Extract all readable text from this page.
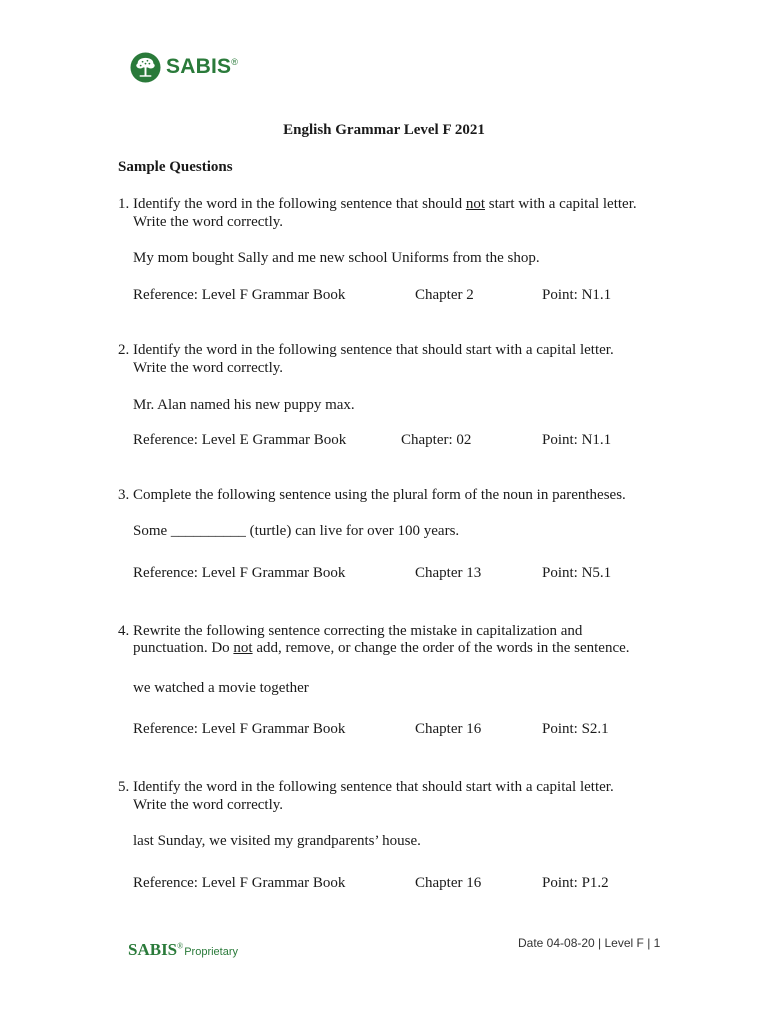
SABIS®
English Grammar Level F 2021
Sample Questions
1. Identify the word in the following sentence that should not start with a capital letter.
Write the word correctly.
My mom bought Sally and me new school Uniforms from the shop.
Reference: Level F Grammar Book	Chapter 2	Point: N1.1
2. Identify the word in the following sentence that should start with a capital letter.
Write the word correctly.
Mr. Alan named his new puppy max.
Reference: Level E Grammar Book	Chapter: 02	Point: N1.1
3. Complete the following sentence using the plural form of the noun in parentheses.
Some __________ (turtle) can live for over 100 years.
Reference: Level F Grammar Book	Chapter 13	Point: N5.1
4. Rewrite the following sentence correcting the mistake in capitalization and
punctuation. Do not add, remove, or change the order of the words in the sentence.
we watched a movie together
Reference: Level F Grammar Book	Chapter 16	Point: S2.1
5. Identify the word in the following sentence that should start with a capital letter.
Write the word correctly.
last Sunday, we visited my grandparents’ house.
Reference: Level F Grammar Book	Chapter 16	Point: P1.2
SABIS®Proprietary
Date 04-08-20 | Level F | 1
